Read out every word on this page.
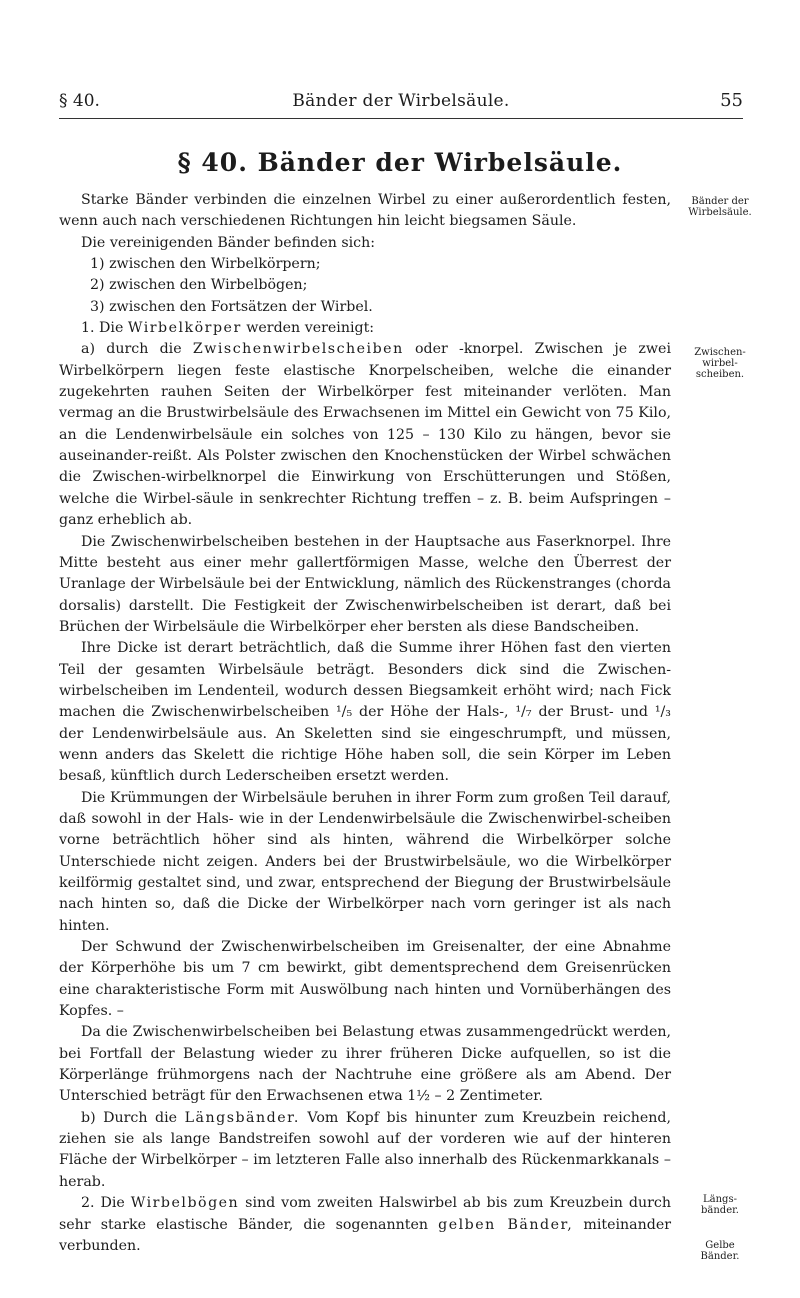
§ 40.	Bänder der Wirbelsäule.	55
§ 40. Bänder der Wirbelsäule.
Bänder der Wirbelsäule.
Zwischen-wirbel-scheiben.
Längs-bänder.
Gelbe Bänder.

Starke Bänder verbinden die einzelnen Wirbel zu einer außerordentlich festen, wenn auch nach verschiedenen Richtungen hin leicht biegsamen Säule.

Die vereinigenden Bänder befinden sich:

1) zwischen den Wirbelkörpern;

2) zwischen den Wirbelbögen;

3) zwischen den Fortsätzen der Wirbel.

1. Die Wirbelkörper werden vereinigt:

a) durch die Zwischenwirbelscheiben oder -knorpel. Zwischen je zwei Wirbelkörpern liegen feste elastische Knorpelscheiben, welche die einander zugekehrten rauhen Seiten der Wirbelkörper fest miteinander verlöten. Man vermag an die Brustwirbelsäule des Erwachsenen im Mittel ein Gewicht von 75 Kilo, an die Lendenwirbelsäule ein solches von 125 – 130 Kilo zu hängen, bevor sie auseinander-reißt. Als Polster zwischen den Knochenstücken der Wirbel schwächen die Zwischen-wirbelknorpel die Einwirkung von Erschütterungen und Stößen, welche die Wirbel-säule in senkrechter Richtung treffen – z. B. beim Aufspringen – ganz erheblich ab.

Die Zwischenwirbelscheiben bestehen in der Hauptsache aus Faserknorpel. Ihre Mitte besteht aus einer mehr gallertförmigen Masse, welche den Überrest der Uranlage der Wirbelsäule bei der Entwicklung, nämlich des Rückenstranges (chorda dorsalis) darstellt. Die Festigkeit der Zwischenwirbelscheiben ist derart, daß bei Brüchen der Wirbelsäule die Wirbelkörper eher bersten als diese Bandscheiben.

Ihre Dicke ist derart beträchtlich, daß die Summe ihrer Höhen fast den vierten Teil der gesamten Wirbelsäule beträgt. Besonders dick sind die Zwischen-wirbelscheiben im Lendenteil, wodurch dessen Biegsamkeit erhöht wird; nach Fick machen die Zwischenwirbelscheiben ¹/₅ der Höhe der Hals-, ¹/₇ der Brust- und ¹/₃ der Lendenwirbelsäule aus. An Skeletten sind sie eingeschrumpft, und müssen, wenn anders das Skelett die richtige Höhe haben soll, die sein Körper im Leben besaß, künftlich durch Lederscheiben ersetzt werden.

Die Krümmungen der Wirbelsäule beruhen in ihrer Form zum großen Teil darauf, daß sowohl in der Hals- wie in der Lendenwirbelsäule die Zwischenwirbel-scheiben vorne beträchtlich höher sind als hinten, während die Wirbelkörper solche Unterschiede nicht zeigen. Anders bei der Brustwirbelsäule, wo die Wirbelkörper keilförmig gestaltet sind, und zwar, entsprechend der Biegung der Brustwirbelsäule nach hinten so, daß die Dicke der Wirbelkörper nach vorn geringer ist als nach hinten.

Der Schwund der Zwischenwirbelscheiben im Greisenalter, der eine Abnahme der Körperhöhe bis um 7 cm bewirkt, gibt dementsprechend dem Greisenrücken eine charakteristische Form mit Auswölbung nach hinten und Vornüberhängen des Kopfes. –

Da die Zwischenwirbelscheiben bei Belastung etwas zusammengedrückt werden, bei Fortfall der Belastung wieder zu ihrer früheren Dicke aufquellen, so ist die Körperlänge frühmorgens nach der Nachtruhe eine größere als am Abend. Der Unterschied beträgt für den Erwachsenen etwa 1½ – 2 Zentimeter.

b) Durch die Längsbänder. Vom Kopf bis hinunter zum Kreuzbein reichend, ziehen sie als lange Bandstreifen sowohl auf der vorderen wie auf der hinteren Fläche der Wirbelkörper – im letzteren Falle also innerhalb des Rückenmarkkanals – herab.

2. Die Wirbelbögen sind vom zweiten Halswirbel ab bis zum Kreuzbein durch sehr starke elastische Bänder, die sogenannten gelben Bänder, miteinander verbunden.
